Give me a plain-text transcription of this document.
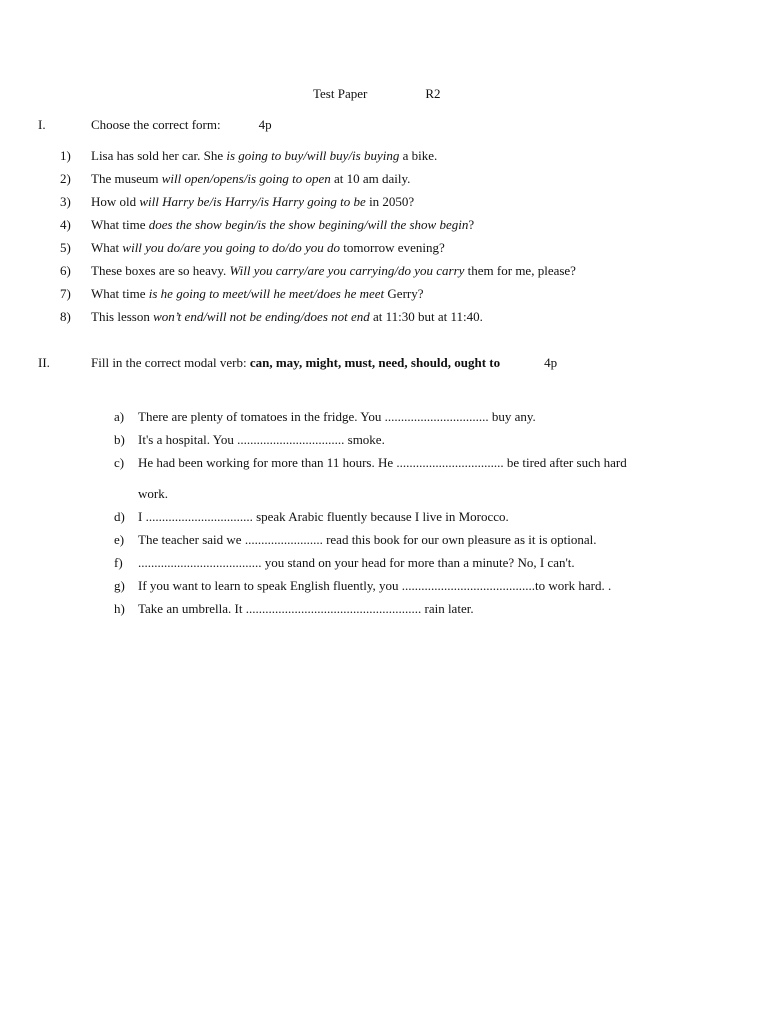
Test Paper	R2
I.	Choose the correct form:	4p
1) Lisa has sold her car. She is going to buy/will buy/is buying a bike.
2) The museum will open/opens/is going to open at 10 am daily.
3) How old will Harry be/is Harry/is Harry going to be in 2050?
4) What time does the show begin/is the show begining/will the show begin?
5) What will you do/are you going to do/do you do tomorrow evening?
6) These boxes are so heavy. Will you carry/are you carrying/do you carry them for me, please?
7) What time is he going to meet/will he meet/does he meet Gerry?
8) This lesson won’t end/will not be ending/does not end at 11:30 but at 11:40.
II.	Fill in the correct modal verb: can, may, might, must, need, should, ought to	4p
a) There are plenty of tomatoes in the fridge. You ................................ buy any.
b) It's a hospital. You ................................. smoke.
c) He had been working for more than 11 hours. He ................................. be tired after such hard
work.
d) I ................................. speak Arabic fluently because I live in Morocco.
e) The teacher said we ........................ read this book for our own pleasure as it is optional.
f) ...................................... you stand on your head for more than a minute? No, I can't.
g) If you want to learn to speak English fluently, you .........................................to work hard. .
h) Take an umbrella. It ...................................................... rain later.
